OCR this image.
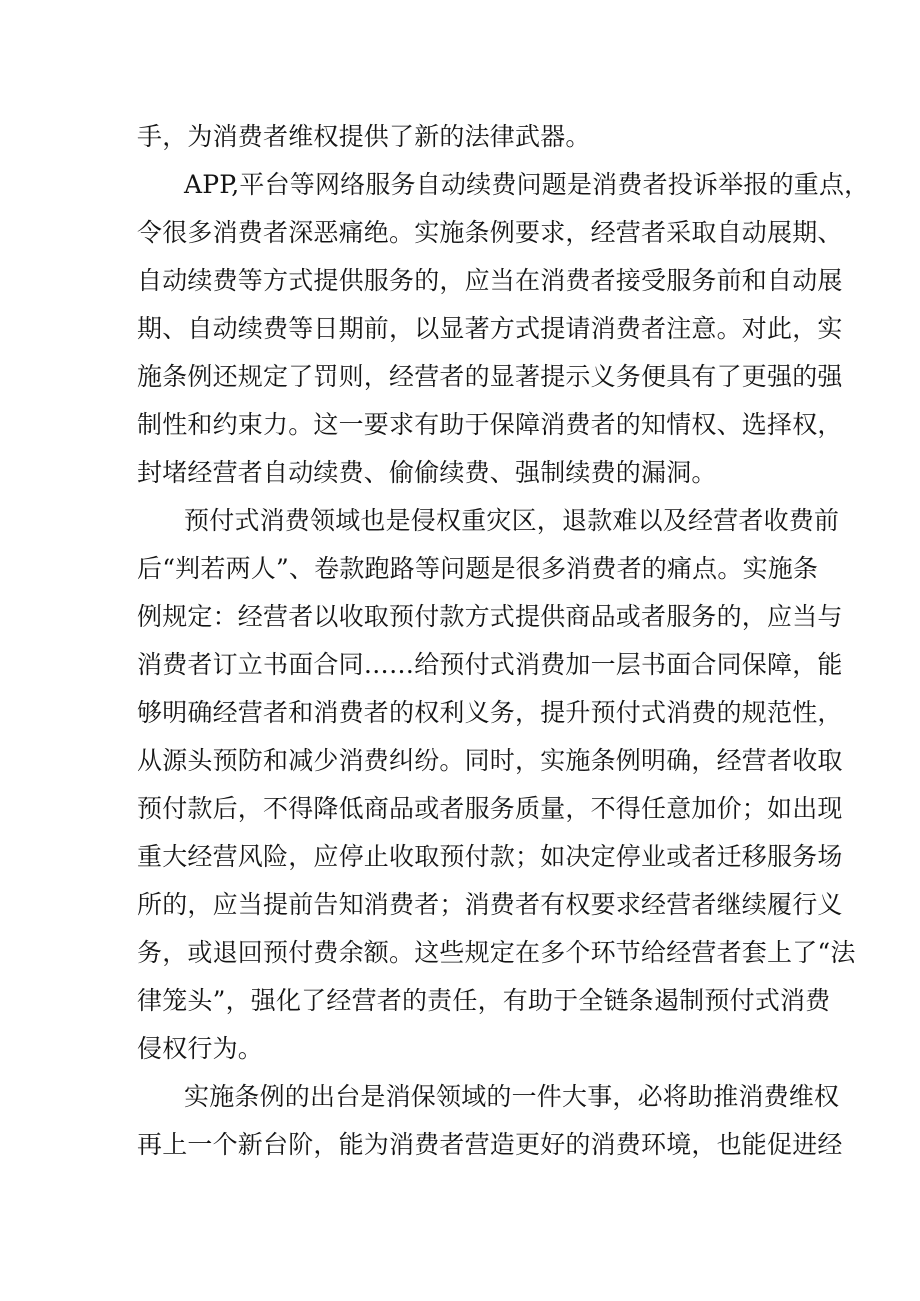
手，为消费者维权提供了新的法律武器。
APP,平台等网络服务自动续费问题是消费者投诉举报的重点，
令很多消费者深恶痛绝。实施条例要求，经营者采取自动展期、
自动续费等方式提供服务的，应当在消费者接受服务前和自动展
期、自动续费等日期前，以显著方式提请消费者注意。对此，实
施条例还规定了罚则，经营者的显著提示义务便具有了更强的强
制性和约束力。这一要求有助于保障消费者的知情权、选择权，
封堵经营者自动续费、偷偷续费、强制续费的漏洞。
预付式消费领域也是侵权重灾区，退款难以及经营者收费前
后“判若两人”、卷款跑路等问题是很多消费者的痛点。实施条
例规定：经营者以收取预付款方式提供商品或者服务的，应当与
消费者订立书面合同……给预付式消费加一层书面合同保障，能
够明确经营者和消费者的权利义务，提升预付式消费的规范性，
从源头预防和减少消费纠纷。同时，实施条例明确，经营者收取
预付款后，不得降低商品或者服务质量，不得任意加价；如出现
重大经营风险，应停止收取预付款；如决定停业或者迁移服务场
所的，应当提前告知消费者；消费者有权要求经营者继续履行义
务，或退回预付费余额。这些规定在多个环节给经营者套上了“法
律笼头”，强化了经营者的责任，有助于全链条遏制预付式消费
侵权行为。
实施条例的出台是消保领域的一件大事，必将助推消费维权
再上一个新台阶，能为消费者营造更好的消费环境，也能促进经
